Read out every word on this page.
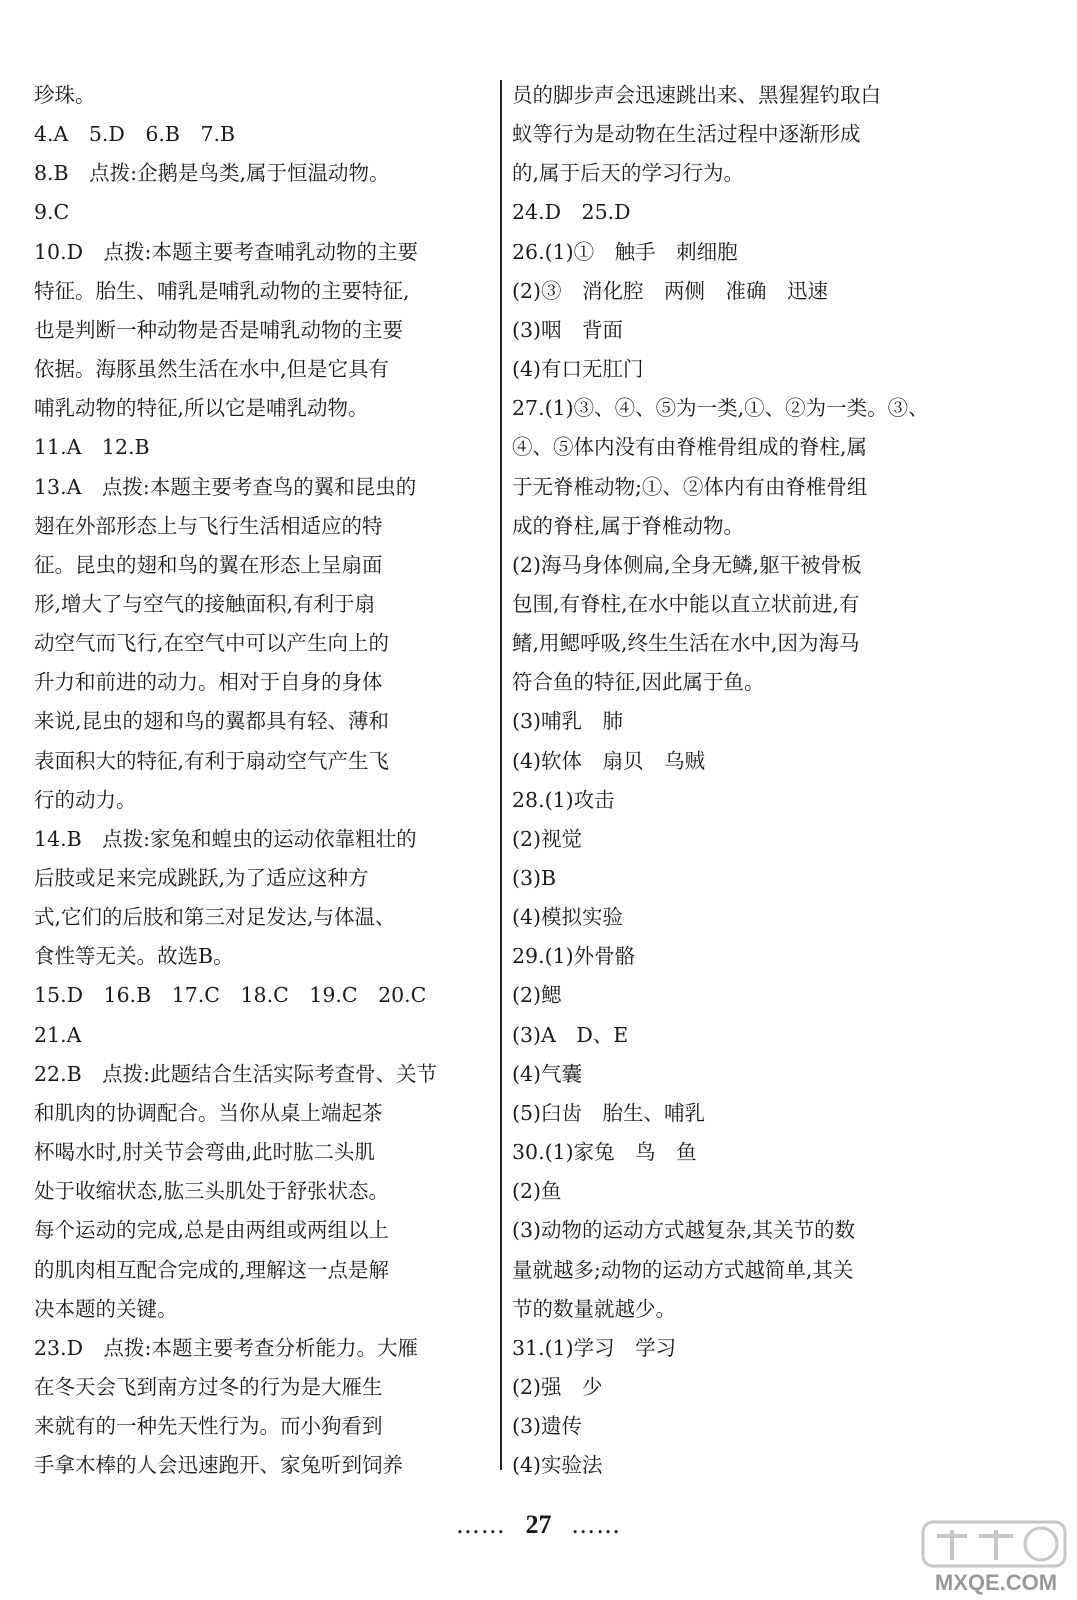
珍珠。
4.A　5.D　6.B　7.B
8.B　点拨:企鹅是鸟类,属于恒温动物。
9.C
10.D　点拨:本题主要考查哺乳动物的主要
特征。胎生、哺乳是哺乳动物的主要特征,
也是判断一种动物是否是哺乳动物的主要
依据。海豚虽然生活在水中,但是它具有
哺乳动物的特征,所以它是哺乳动物。
11.A　12.B
13.A　点拨:本题主要考查鸟的翼和昆虫的
翅在外部形态上与飞行生活相适应的特
征。昆虫的翅和鸟的翼在形态上呈扇面
形,增大了与空气的接触面积,有利于扇
动空气而飞行,在空气中可以产生向上的
升力和前进的动力。相对于自身的身体
来说,昆虫的翅和鸟的翼都具有轻、薄和
表面积大的特征,有利于扇动空气产生飞
行的动力。
14.B　点拨:家兔和蝗虫的运动依靠粗壮的
后肢或足来完成跳跃,为了适应这种方
式,它们的后肢和第三对足发达,与体温、
食性等无关。故选B。
15.D　16.B　17.C　18.C　19.C　20.C
21.A
22.B　点拨:此题结合生活实际考查骨、关节
和肌肉的协调配合。当你从桌上端起茶
杯喝水时,肘关节会弯曲,此时肱二头肌
处于收缩状态,肱三头肌处于舒张状态。
每个运动的完成,总是由两组或两组以上
的肌肉相互配合完成的,理解这一点是解
决本题的关键。
23.D　点拨:本题主要考查分析能力。大雁
在冬天会飞到南方过冬的行为是大雁生
来就有的一种先天性行为。而小狗看到
手拿木棒的人会迅速跑开、家兔听到饲养
员的脚步声会迅速跳出来、黑猩猩钓取白
蚁等行为是动物在生活过程中逐渐形成
的,属于后天的学习行为。
24.D　25.D
26.(1)①　触手　刺细胞
(2)③　消化腔　两侧　准确　迅速
(3)咽　背面
(4)有口无肛门
27.(1)③、④、⑤为一类,①、②为一类。③、
④、⑤体内没有由脊椎骨组成的脊柱,属
于无脊椎动物;①、②体内有由脊椎骨组
成的脊柱,属于脊椎动物。
(2)海马身体侧扁,全身无鳞,躯干被骨板
包围,有脊柱,在水中能以直立状前进,有
鳍,用鳃呼吸,终生生活在水中,因为海马
符合鱼的特征,因此属于鱼。
(3)哺乳　肺
(4)软体　扇贝　乌贼
28.(1)攻击
(2)视觉
(3)B
(4)模拟实验
29.(1)外骨骼
(2)鳃
(3)A　D、E
(4)气囊
(5)臼齿　胎生、哺乳
30.(1)家兔　鸟　鱼
(2)鱼
(3)动物的运动方式越复杂,其关节的数
量就越多;动物的运动方式越简单,其关
节的数量就越少。
31.(1)学习　学习
(2)强　少
(3)遗传
(4)实验法
…… 27 ……
MXQE.COM
